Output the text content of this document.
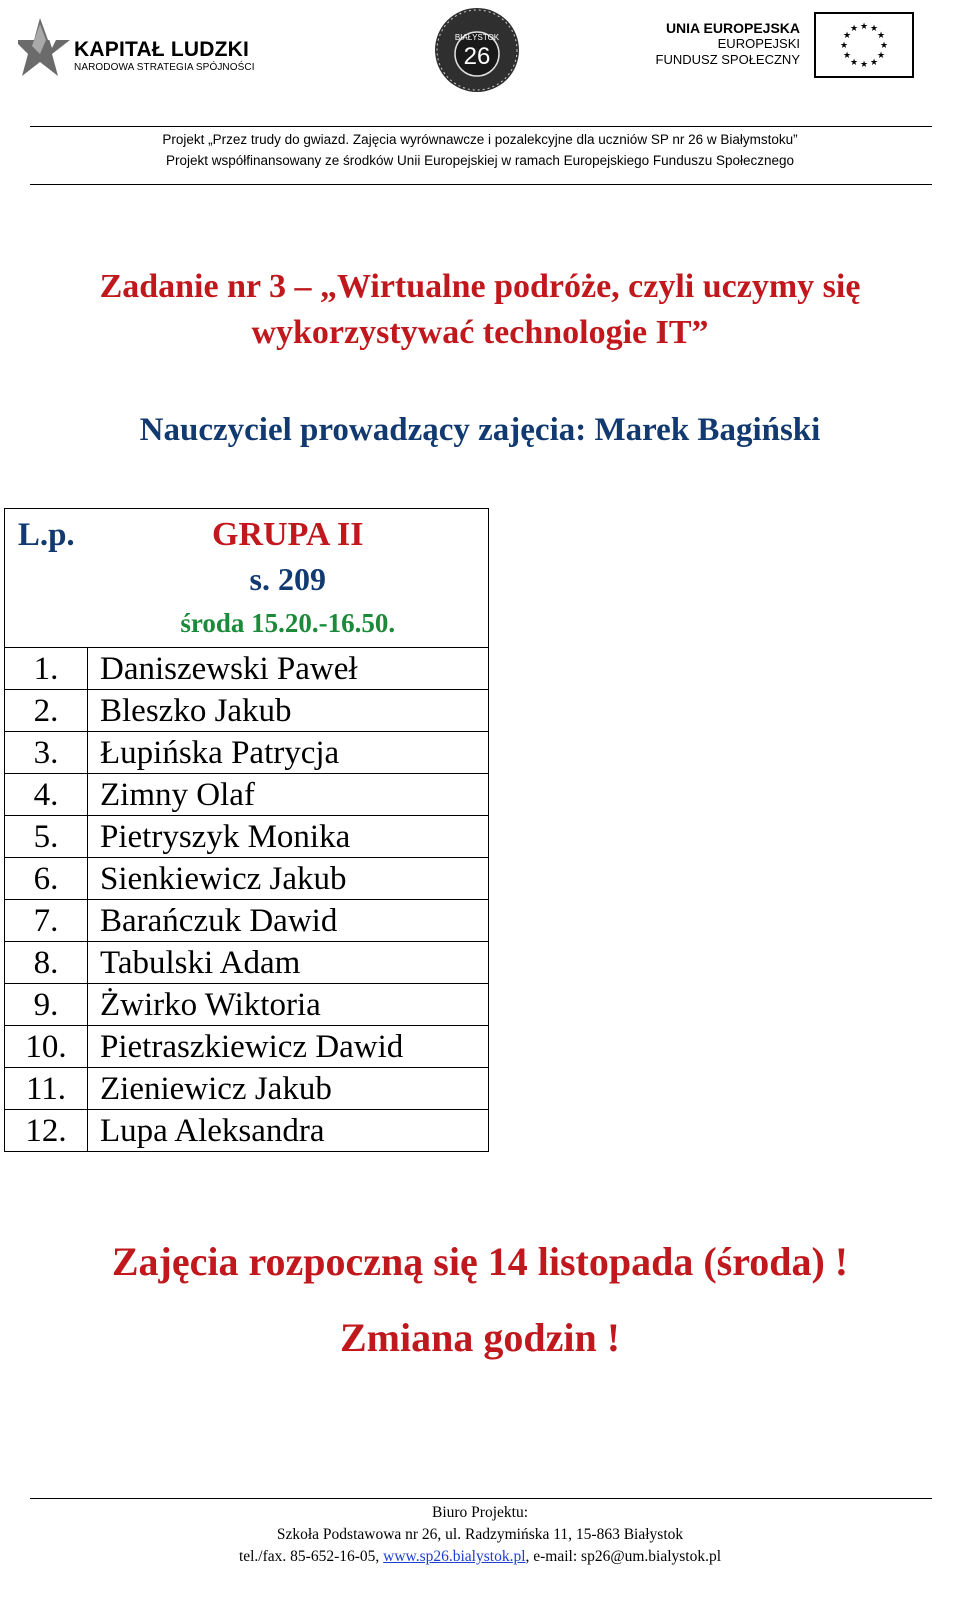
KAPITAŁ LUDZKI
NARODOWA STRATEGIA SPÓJNOŚCI
BIAŁYSTOK
26
UNIA EUROPEJSKA
EUROPEJSKI
FUNDUSZ SPOŁECZNY
★ ★
★
★
★
★
★
★
★
★
★
★
Projekt „Przez trudy do gwiazd. Zajęcia wyrównawcze i pozalekcyjne dla uczniów SP nr 26 w Białymstoku”
Projekt współfinansowany ze środków Unii Europejskiej w ramach Europejskiego Funduszu Społecznego
Zadanie nr 3 – „Wirtualne podróże, czyli uczymy się
wykorzystywać technologie IT”
Nauczyciel prowadzący zajęcia: Marek Bagiński
L.p.	GRUPA II
s. 209
środa 15.20.-16.50.

1.	Daniszewski Paweł
2.	Bleszko Jakub
3.	Łupińska Patrycja
4.	Zimny Olaf
5.	Pietryszyk Monika
6.	Sienkiewicz Jakub
7.	Barańczuk Dawid
8.	Tabulski Adam
9.	Żwirko Wiktoria
10.	Pietraszkiewicz Dawid
11.	Zieniewicz Jakub
12.	Lupa Aleksandra
Zajęcia rozpoczną się 14 listopada (środa) !
Zmiana godzin !
Biuro Projektu:
Szkoła Podstawowa nr 26, ul. Radzymińska 11, 15-863 Białystok
tel./fax. 85-652-16-05, www.sp26.bialystok.pl, e-mail: sp26@um.bialystok.pl
